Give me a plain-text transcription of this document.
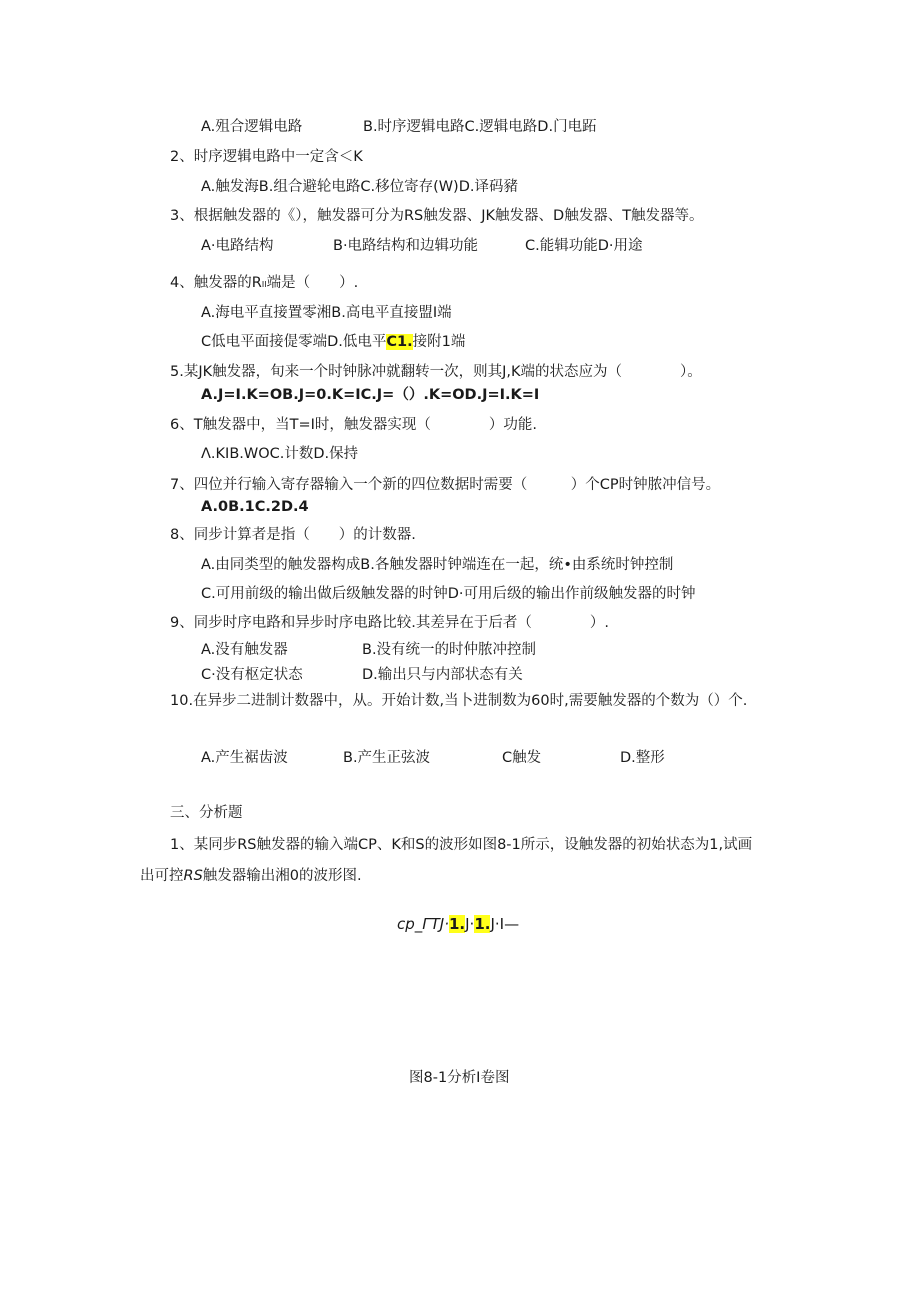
A.殂合逻辑电路	B.时序逻辑电路C.逻辑电路D.门电跖
2、时序逻辑电路中一定含＜K
A.触发海B.组合避轮电路C.移位寄存(W)D.译码豬
3、根据触发器的《），触发器可分为RS触发器、JK触发器、D触发器、T触发器等。
A·电路结构	B·电路结构和边辑功能	C.能辑功能D·用途
4、触发器的Rₗₗ端是（　　）.
A.海电平直接置零湘B.高电平直接盟I端
C低电平面接偍零端D.低电平C1.接附1端
5.某JK触发器，旬来一个时钟脉冲就翻转一次，则其J,K端的状态应为（　　　　）。
A.J=I.K=OB.J=0.K=IC.J=（）.K=OD.J=I.K=I
6、T触发器中，当T=I时，触发器实现（　　　　）功能.
Λ.KIB.WOC.计数D.保持
7、四位并行输入寄存器输入一个新的四位数据时需要（　　　）个CP时钟脓冲信号。
A.0B.1C.2D.4
8、同步计算者是指（　　）的计数器.
A.由同类型的触发器构成B.各触发器时钟端连在一起，统•由系统时钟控制
C.可用前级的输出做后级触发器的时钟D·可用后级的输出作前级触发器的时钟
9、同步时序电路和异步时序电路比较.其差异在于后者（　　　　）.
A.没有触发器	B.没有统一的时仲脓冲控制
C·没有枢定状态	D.输出只与内部状态有关
10.在异步二进制计数器中，从。开始计数,当卜进制数为60时,需要触发器的个数为（）个.
A.产生裾齿波	B.产生正弦波	C触发	D.整形
三、分析题
1、某同步RS触发器的输入端CP、K和S的波形如图8-1所示，设触发器的初始状态为1,试画
出可控RS触发器输出湘0的波形图.
cp_ΓTJ·1.J·1.J·I—
图8-1分析I卷图
